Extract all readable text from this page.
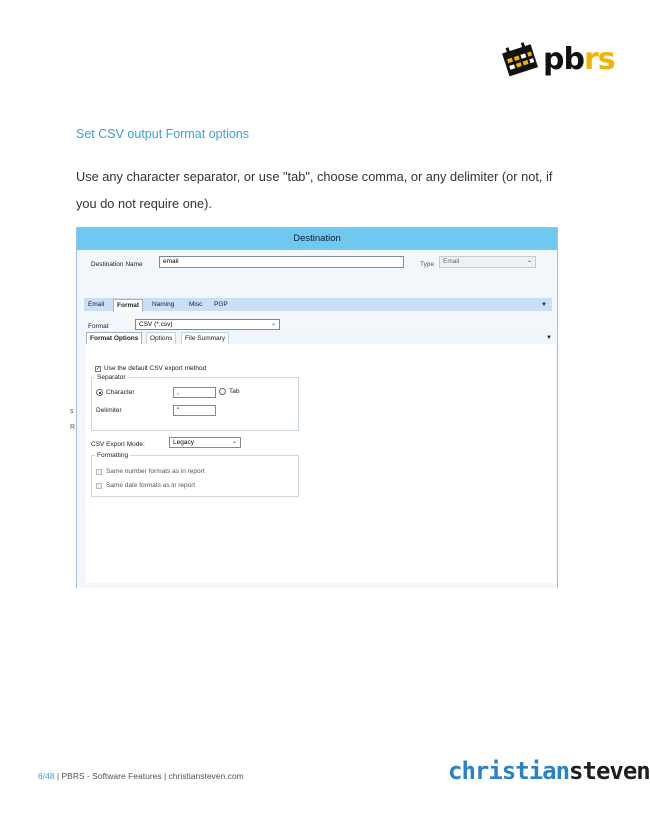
pbrs
Set CSV output Format options
Use any character separator, or use "tab", choose comma, or any delimiter (or not, if you do not require one).
s
R
Destination
Destination Name	email	Type	Email	⌄
Email	Format	Naming Misc PGP	▼
Format	CSV (*.csv)	⌄
Format Options	Options	File Summary	▼
✓ Use the default CSV export method
Separator
Character	,	Tab
Delimiter	"
CSV Export Mode:	Legacy	⌄
Formatting
Same number formats as in report
Same date formats as in report
6/48 | PBRS - Software Features | christiansteven.com	christiansteven
